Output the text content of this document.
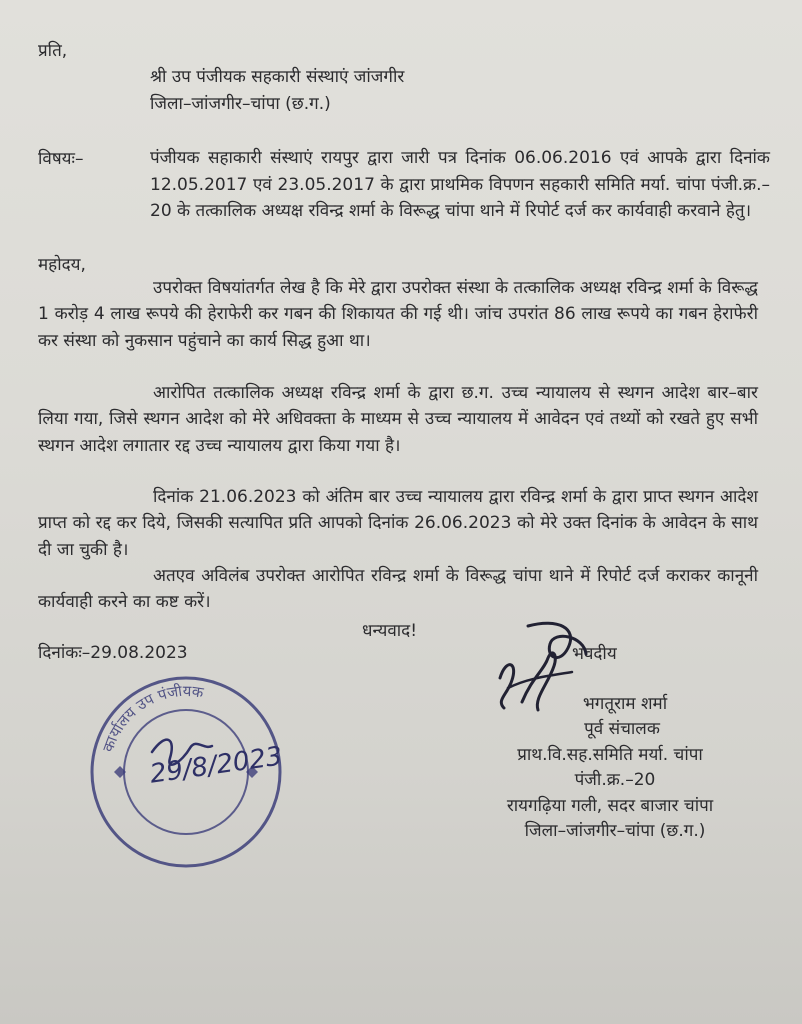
प्रति,
श्री उप पंजीयक सहकारी संस्थाएं जांजगीर
जिला–जांजगीर–चांपा (छ.ग.)
विषयः–	पंजीयक सहाकारी संस्थाएं रायपुर द्वारा जारी पत्र दिनांक 06.06.2016 एवं आपके द्वारा दिनांक 12.05.2017 एवं 23.05.2017 के द्वारा प्राथमिक विपणन सहकारी समिति मर्या. चांपा पंजी.क्र.–20 के तत्कालिक अध्यक्ष रविन्द्र शर्मा के विरूद्ध चांपा थाने में रिपोर्ट दर्ज कर कार्यवाही करवाने हेतु।
महोदय,
उपरोक्त विषयांतर्गत लेख है कि मेरे द्वारा उपरोक्त संस्था के तत्कालिक अध्यक्ष रविन्द्र शर्मा के विरूद्ध 1 करोड़ 4 लाख रूपये की हेराफेरी कर गबन की शिकायत की गई थी। जांच उपरांत 86 लाख रूपये का गबन हेराफेरी कर संस्था को नुकसान पहुंचाने का कार्य सिद्ध हुआ था।
आरोपित तत्कालिक अध्यक्ष रविन्द्र शर्मा के द्वारा छ.ग. उच्च न्यायालय से स्थगन आदेश बार–बार लिया गया, जिसे स्थगन आदेश को मेरे अधिवक्ता के माध्यम से उच्च न्यायालय में आवेदन एवं तथ्यों को रखते हुए सभी स्थगन आदेश लगातार रद्द उच्च न्यायालय द्वारा किया गया है।
दिनांक 21.06.2023 को अंतिम बार उच्च न्यायालय द्वारा रविन्द्र शर्मा के द्वारा प्राप्त स्थगन आदेश प्राप्त को रद्द कर दिये, जिसकी सत्यापित प्रति आपको दिनांक 26.06.2023 को मेरे उक्त दिनांक के आवेदन के साथ दी जा चुकी है।
अतएव अविलंब उपरोक्त आरोपित रविन्द्र शर्मा के विरूद्ध चांपा थाने में रिपोर्ट दर्ज कराकर कानूनी कार्यवाही करने का कष्ट करें।
धन्यवाद!
दिनांकः–29.08.2023	भवदीय
भगतूराम शर्मा
पूर्व संचालक
प्राथ.वि.सह.समिति मर्या. चांपा
पंजी.क्र.–20
रायगढ़िया गली, सदर बाजार चांपा
जिला–जांजगीर–चांपा (छ.ग.)
कार्यालय उप पंजीयक
29/8/2023
